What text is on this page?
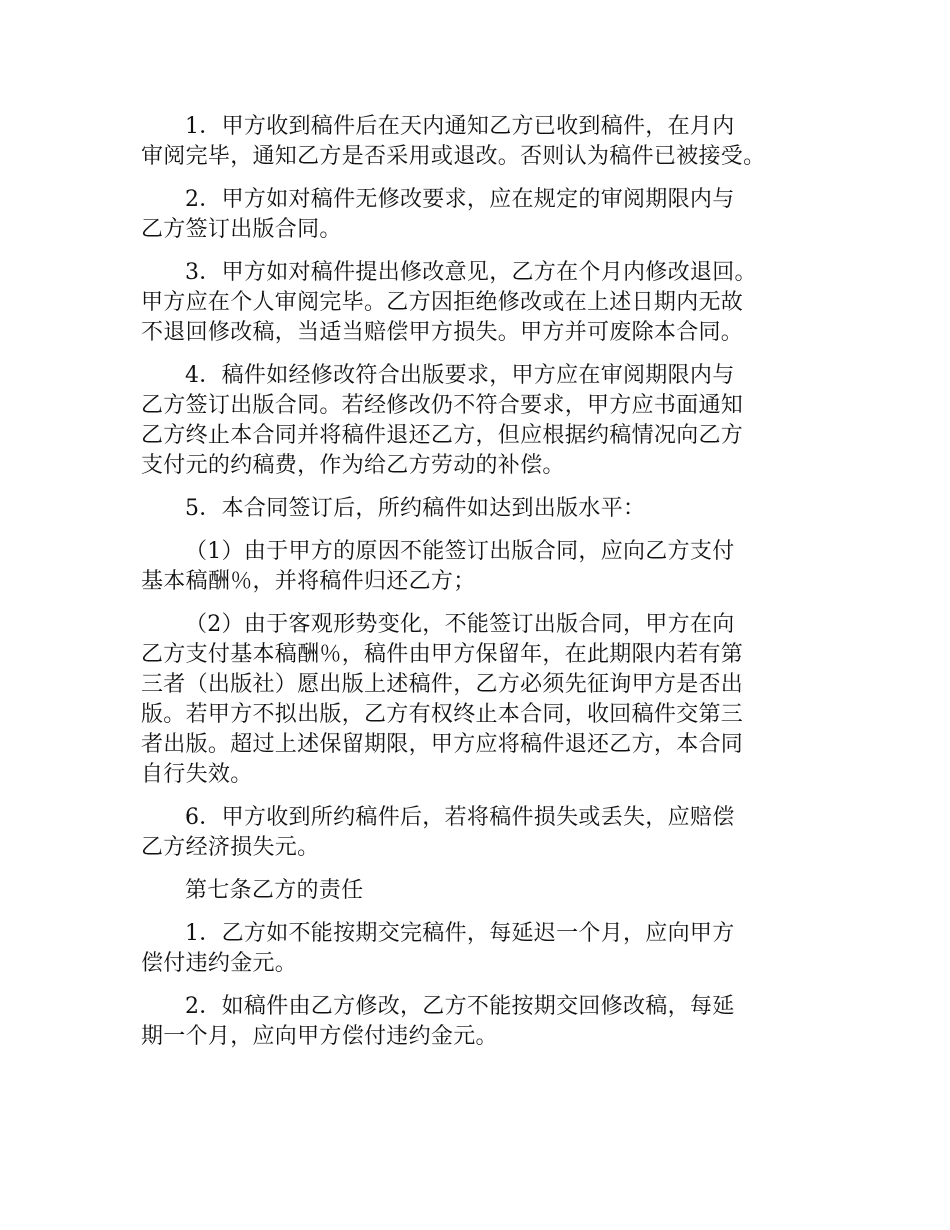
1．甲方收到稿件后在天内通知乙方已收到稿件，在月内
审阅完毕，通知乙方是否采用或退改。否则认为稿件已被接受。

2．甲方如对稿件无修改要求，应在规定的审阅期限内与
乙方签订出版合同。

3．甲方如对稿件提出修改意见，乙方在个月内修改退回。
甲方应在个人审阅完毕。乙方因拒绝修改或在上述日期内无故
不退回修改稿，当适当赔偿甲方损失。甲方并可废除本合同。

4．稿件如经修改符合出版要求，甲方应在审阅期限内与
乙方签订出版合同。若经修改仍不符合要求，甲方应书面通知
乙方终止本合同并将稿件退还乙方，但应根据约稿情况向乙方
支付元的约稿费，作为给乙方劳动的补偿。

5．本合同签订后，所约稿件如达到出版水平：

（1）由于甲方的原因不能签订出版合同，应向乙方支付
基本稿酬％，并将稿件归还乙方；

（2）由于客观形势变化，不能签订出版合同，甲方在向
乙方支付基本稿酬％，稿件由甲方保留年，在此期限内若有第
三者（出版社）愿出版上述稿件，乙方必须先征询甲方是否出
版。若甲方不拟出版，乙方有权终止本合同，收回稿件交第三
者出版。超过上述保留期限，甲方应将稿件退还乙方，本合同
自行失效。

6．甲方收到所约稿件后，若将稿件损失或丢失，应赔偿
乙方经济损失元。

第七条乙方的责任

1．乙方如不能按期交完稿件，每延迟一个月，应向甲方
偿付违约金元。

2．如稿件由乙方修改，乙方不能按期交回修改稿，每延
期一个月，应向甲方偿付违约金元。
